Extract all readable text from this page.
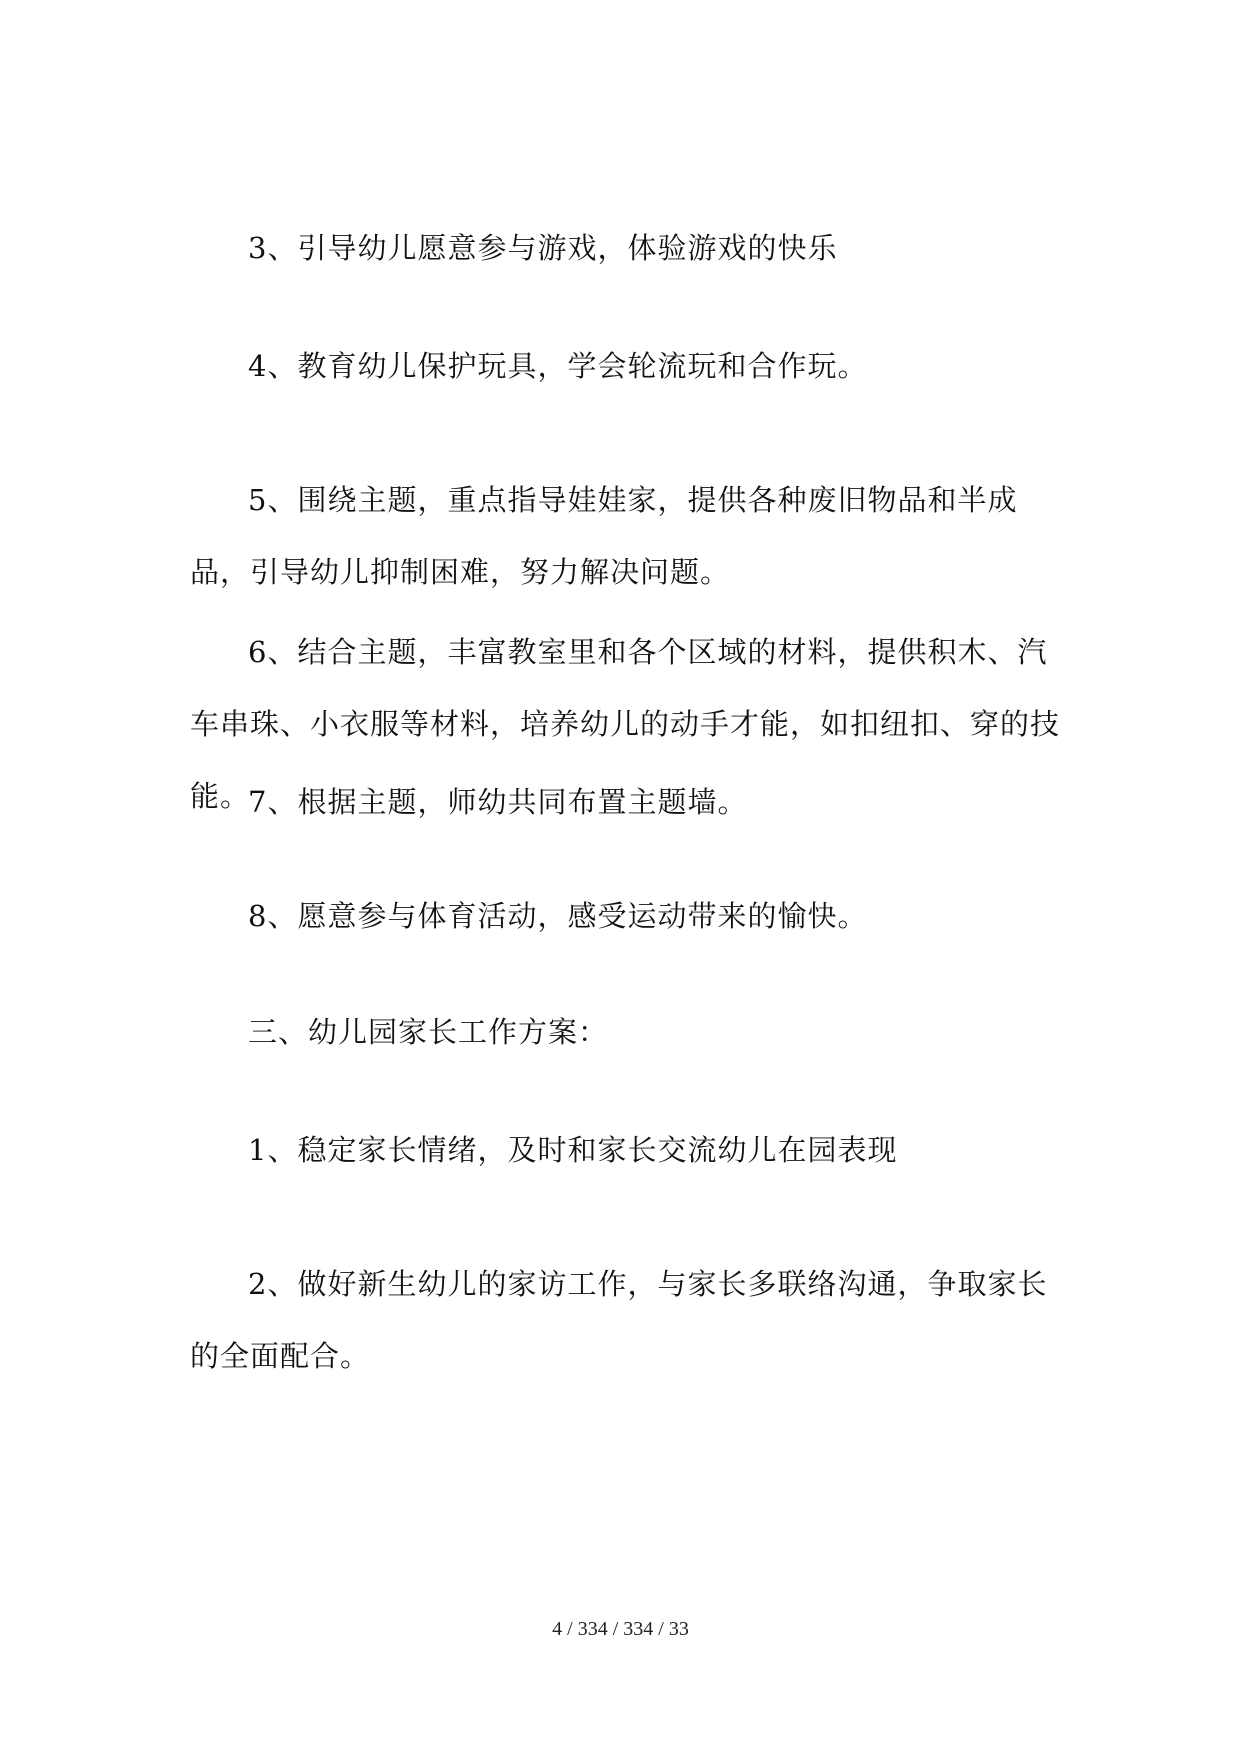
3、引导幼儿愿意参与游戏，体验游戏的快乐

4、教育幼儿保护玩具，学会轮流玩和合作玩。

5、围绕主题，重点指导娃娃家，提供各种废旧物品和半成品，引导幼儿抑制困难，努力解决问题。

6、结合主题，丰富教室里和各个区域的材料，提供积木、汽车串珠、小衣服等材料，培养幼儿的动手才能，如扣纽扣、穿的技能。

7、根据主题，师幼共同布置主题墙。

8、愿意参与体育活动，感受运动带来的愉快。

三、幼儿园家长工作方案：

1、稳定家长情绪，及时和家长交流幼儿在园表现

2、做好新生幼儿的家访工作，与家长多联络沟通，争取家长的全面配合。

4 / 334 / 334 / 33
